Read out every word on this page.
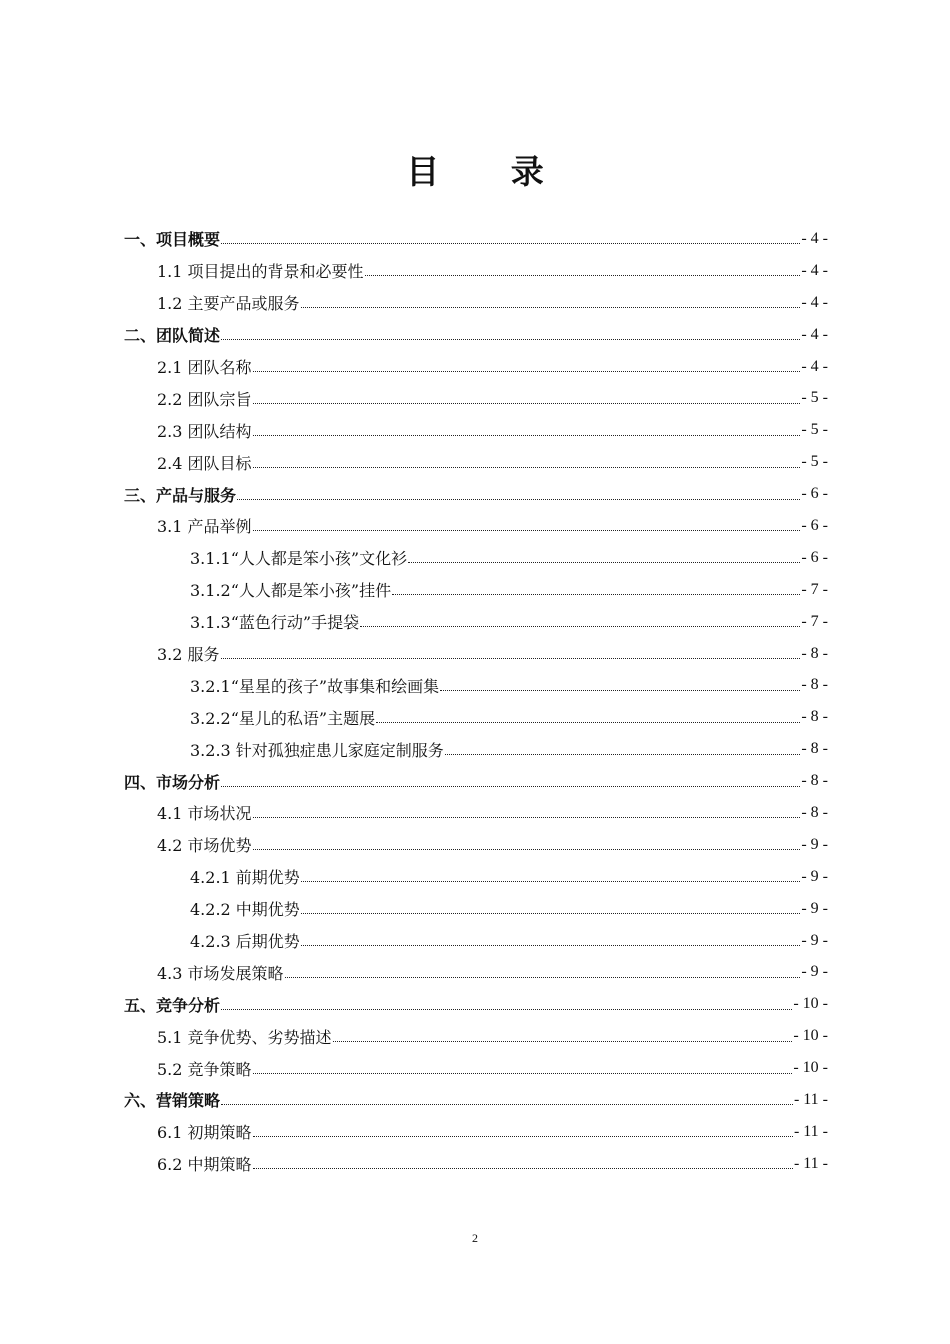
目 录
一、项目概要	- 4 -
1.1 项目提出的背景和必要性	- 4 -
1.2 主要产品或服务	- 4 -
二、团队简述	- 4 -
2.1 团队名称	- 4 -
2.2 团队宗旨	- 5 -
2.3 团队结构	- 5 -
2.4 团队目标	- 5 -
三、产品与服务	- 6 -
3.1 产品举例	- 6 -
3.1.1“人人都是笨小孩”文化衫	- 6 -
3.1.2“人人都是笨小孩”挂件	- 7 -
3.1.3“蓝色行动”手提袋	- 7 -
3.2 服务	- 8 -
3.2.1“星星的孩子”故事集和绘画集	- 8 -
3.2.2“星儿的私语”主题展	- 8 -
3.2.3 针对孤独症患儿家庭定制服务	- 8 -
四、市场分析	- 8 -
4.1 市场状况	- 8 -
4.2 市场优势	- 9 -
4.2.1 前期优势	- 9 -
4.2.2 中期优势	- 9 -
4.2.3 后期优势	- 9 -
4.3 市场发展策略	- 9 -
五、竞争分析	- 10 -
5.1 竞争优势、劣势描述	- 10 -
5.2 竞争策略	- 10 -
六、营销策略	- 11 -
6.1 初期策略	- 11 -
6.2 中期策略	- 11 -
2
